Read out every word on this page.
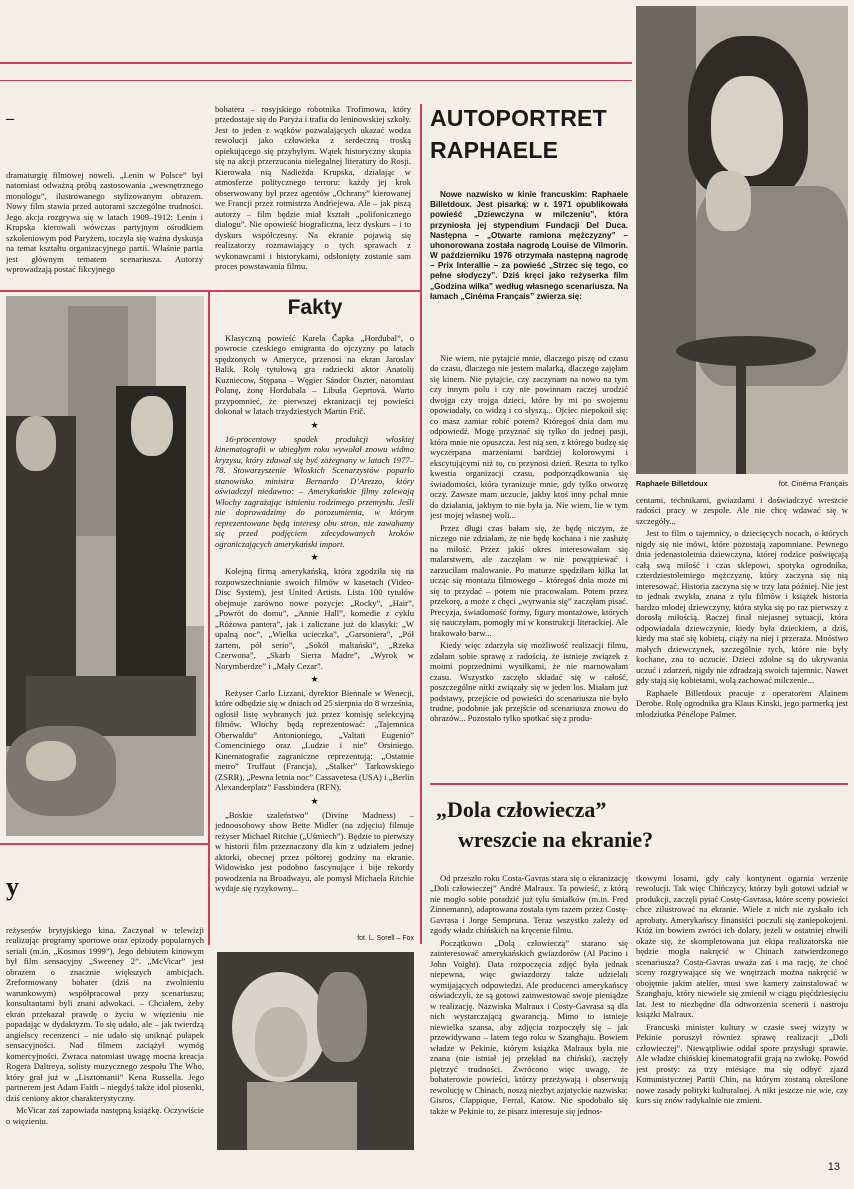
–

dramaturgię filmowej noweli. „Lenin w Polsce” był natomiast odważną próbą zastosowania „wewnętrznego monologu”, ilustrowanego stylizowanym obrazem. Nowy film stawia przed autorami szczególne trudności. Jego akcja rozgrywa się w latach 1909–1912: Lenin i Krupska kierowali wówczas partyjnym ośrodkiem szkoleniowym pod Paryżem, toczyła się ważna dyskusja na temat kształtu organizacyjnego partii. Właśnie partia jest głównym tematem scenariusza. Autorzy wprowadzają postać fikcyjnego

bohatera – rosyjskiego robotnika Trofimowa, który przedostaje się do Paryża i trafia do leninowskiej szkoły. Jest to jeden z wątków pozwalających ukazać wodza rewolucji jako człowieka z serdeczną troską opiekującego się przybyłym. Wątek historyczny skupia się na akcji przerzucania nielegalnej literatury do Rosji. Kierowała nią Nadieżda Krupska, działając w atmosferze politycznego terroru: każdy jej krok obserwowany był przez agentów „Ochrany” kierowanej we Francji przez rotmistrza Andriejewa. Ale – jak piszą autorzy – film będzie miał kształt „polifonicznego dialogu”. Nie opowieść biograficzna, lecz dyskurs – i to dyskurs współczesny. Na ekranie pojawią się realizatorzy rozmawiający o tych sprawach z wykonawcami i historykami, odsłonięty zostanie sam proces powstawania filmu.

Fakty

Klasyczną powieść Karela Čapka „Hordubal”, o powrocie czeskiego emigranta do ojczyzny po latach spędzonych w Ameryce, przenosi na ekran Jaroslav Balik. Rolę tytułową gra radziecki aktor Anatolij Kuzniecow, Stępana – Węgier Sándor Oszter, natomiast Polanę, żonę Hordubala – Libuša Geprtová. Warto przypomnieć, że pierwszej ekranizacji tej powieści dokonał w latach trzydziestych Martin Frič.

★

16-procentowy spadek produkcji włoskiej kinematografii w ubiegłym roku wywołał znowu widmo kryzysu, który zdawał się być zażegnany w latach 1977–78. Stowarzyszenie Włoskich Scenarzystów poparło stanowisko ministra Bernardo D’Arezzo, który oświadczył niedawno: – Amerykańskie filmy zalewają Włochy zagrażając istnieniu rodzimego przemysłu. Jeśli nie doprowadzimy do porozumienia, w którym reprezentowane będą interesy obu stron, nie zawahamy się przed podjęciem zdecydowanych kroków ograniczających amerykański import.

★

Kolejną firmą amerykańską, która zgodziła się na rozpowszechnianie swoich filmów w kasetach (Video-Disc System), jest United Artists. Lista 100 tytułów obejmuje zarówno nowe pozycje: „Rocky”, „Hair”, „Powrót do domu”, „Annie Hall”, komedie z cyklu „Różowa pantera”, jak i zaliczane już do klasyki: „W upalną noc”, „Wielka ucieczka”, „Garsoniera”, „Pół żartem, pół serio”, „Sokół maltański”, „Rzeka Czerwona”, „Skarb Sierra Madre”, „Wyrok w Norymberdze” i „Mały Cezar”.

★

Reżyser Carlo Lizzani, dyrektor Biennale w Wenecji, które odbędzie się w dniach od 25 sierpnia do 8 września, ogłosił listę wybranych już przez komisję selekcyjną filmów. Włochy będą reprezentować: „Tajemnica Oberwaldu” Antonioniego, „Valtati Eugenio” Comenciniego oraz „Ludzie i nie” Orsiniego. Kinematografie zagraniczne reprezentują: „Ostatnie metro” Truffaut (Francja), „Stalker” Tarkowskiego (ZSRR), „Pewna letnia noc” Cassavetesa (USA) i „Berlin Alexanderplatz” Fassbindera (RFN).

★

„Boskie szaleństwo” (Divine Madness) – jednoosobowy show Bette Midler (na zdjęciu) filmuje reżyser Michael Ritchie („Uśmiech”). Będzie to pierwszy w historii film przeznaczony dla kin z udziałem jednej aktorki, obecnej przez półtorej godziny na ekranie. Widowisko jest podobno fascynujące i bije rekordy powodzenia na Broadwayu, ale pomysł Michaela Ritchie wydaje się ryzykowny...

fot. L. Sorell – Fox
AUTOPORTRET
RAPHAELE

Nowe nazwisko w kinie francuskim: Raphaele Billetdoux. Jest pisarką: w r. 1971 opublikowała powieść „Dziewczyna w milczeniu”, która przyniosła jej stypendium Fundacji Del Duca. Następna – „Otwarte ramiona mężczyzny” – uhonorowana została nagrodą Louise de Vilmorin. W październiku 1976 otrzymała następną nagrodę – Prix Interallie – za powieść „Strzec się tego, co pełne słodyczy”. Dziś kręci jako reżyserka film „Godzina wilka” według własnego scenariusza. Na łamach „Cinéma Français” zwierza się:

Nie wiem, nie pytajcie mnie, dlaczego piszę od czasu do czasu, dlaczego nie jestem malarką, dlaczego zajęłam się kinem. Nie pytajcie, czy zaczynam na nowo na tym czy innym polu i czy nie powinnam raczej urodzić dwojga czy trojga dzieci, które by mi po swojemu opowiadały, co widzą i co słyszą... Ojciec niepokoił się: co masz zamiar robić potem? Któregoś dnia dam mu odpowiedź. Mogę przyznać się tylko do jednej pasji, która mnie nie opuszcza. Jest nią sen, z którego budzę się wyczerpana marzeniami bardziej kolorowymi i ekscytującymi niż to, co przynosi dzień. Reszta to tylko kwestia organizacji czasu, podporządkowania się świadomości, która tyranizuje mnie, gdy tylko otworzę oczy. Zawsze mam uczucie, jakby ktoś inny pchał mnie do działania, jakbym to nie była ja. Nie wiem, lie w tym jest mojej własnej woli...

Przez długi czas bałam się, że będę niczym, że niczego nie zdziałam, że nie będę kochana i nie zasłużę na miłość. Przez jakiś okres interesowałam się malarstwem, ale zaczęłam w nie powątpiewać i zarzuciłam malowanie. Po maturze spędziłam kilka lat ucząc się montażu filmowego – któregoś dnia może mi się to przydać – potem nie pracowałam. Potem przez przekorę, a może z chęci „wyrwania się” zaczęłam pisać. Precyzja, świadomość formy, figury montażowe, których się nauczyłam, pomogły mi w konstrukcji literackiej. Ale brakowało barw...

Kiedy więc zdarzyła się możliwość realizacji filmu, zdałam sobie sprawę z radością, że istnieje związek z moimi poprzednimi wysiłkami, że nie marnowałam czasu. Wszystko zaczęło składać się w całość, poszczególne nitki związały się w jeden los. Miałam już podstawy, przejście od powieści do scenariusza nie było trudne, podobnie jak przejście od scenariusza znowu do obrazów... Pozostało tylko spotkać się z produ-

Raphaele Billetdoux	fot. Cinéma Français

centami, technikami, gwiazdami i doświadczyć wreszcie radości pracy w zespole. Ale nie chcę wdawać się w szczegóły...

Jest to film o tajemnicy, o dziecięcych nocach, o których nigdy się nie mówi, które pozostają zapomniane. Pewnego dnia jedenastoletnia dziewczyna, której rodzice poświęcają całą swą miłość i czas sklepowi, spotyka ogrodnika, czterdziestoletniego mężczyznę, który zaczyna się nią interesować. Historia zaczyna się w trzy lata później. Nie jest to jednak zwykła, znana z tylu filmów i książek historia bardzo młodej dziewczyny, która styka się po raz pierwszy z dorosłą miłością. Raczej finał niejasnej sytuacji, która odpowiadała dziewczynie, kiedy była dzieckiem, a dziś, kiedy ma stać się kobietą, ciąży na niej i przeraża. Mnóstwo małych dziewczynek, szczególnie tych, które nie były kochane, zna to uczucie. Dzieci zdolne są do ukrywania uczuć i zdarzeń, nigdy nie zdradzają swoich tajemnic. Nawet gdy stają się kobietami, wolą zachować milczenie...

Raphaele Billetdoux pracuje z operatorem Alainem Derobe. Rolę ogrodnika gra Klaus Kinski, jego partnerką jest młodziutka Pénélope Palmer.

„Dola człowiecza”
wreszcie na ekranie?

Od przeszło roku Costa-Gavras stara się o ekranizację „Doli człowieczej” André Malraux. Ta powieść, z którą nie mogło sobie poradzić już tylu śmiałków (m.in. Fred Zinnemann), adaptowana została tym razem przez Costę-Gavrasa i Jorge Sempruna. Teraz wszystko zależy od zgody władz chińskich na kręcenie filmu.

Początkowo „Dolą człowieczą” starano się zainteresować amerykańskich gwiazdorów (Al Pacino i John Voight). Data rozpoczęcia zdjęć była jednak niepewna, więc gwiazdorzy także udzielali wymijających odpowiedzi. Ale producenci amerykańscy oświadczyli, że są gotowi zainwestować swoje pieniądze w realizację. Nazwiska Malraux i Costy-Gavrasa są dla nich wystarczającą gwarancją. Mimo to istnieje niewielka szansa, aby zdjęcia rozpoczęły się – jak przewidywano – latem tego roku w Szanghaju. Bowiem władze w Pekinie, którym książka Malraux była nie znana (nie istniał jej przekład na chiński), zaczęły piętrzyć trudności. Zwrócono więc uwagę, że bohaterowie powieści, którzy przeżywają i obserwują rewolucję w Chinach, noszą niezbyt azjatyckie nazwiska: Gisros, Clappique, Ferral, Katow. Nie spodobało się także w Pekinie to, że pisarz interesuje się jednos-

tkowymi losami, gdy cały kontynent ogarnia wrzenie rewolucji. Tak więc Chińczycy, którzy byli gotowi udział w produkcji, zaczęli pytać Costę-Gavrasa, które sceny powieści chce zilustrować na ekranie. Wiele z nich nie zyskało ich aprobaty. Amerykańscy finansiści poczuli się zaniepokojeni. Któż im bowiem zwróci ich dolary, jeżeli w ostatniej chwili okaże się, że skompletowana już ekipa realizatorska nie będzie mogła nakręcić w Chinach zatwierdzonego scenariusza? Costa-Gavras uważa zaś i ma rację, że choć sceny rozgrywające się we wnętrzach można nakręcić w obojętnie jakim atelier, musi swe kamery zainstalować w Szanghaju, który niewiele się zmienił w ciągu pięćdziesięciu lat. Jest to niezbędne dla odtworzenia scenerii i nastroju książki Malraux.

Francuski minister kultury w czasie swej wizyty w Pekinie poruszył również sprawę realizacji „Doli człowieczej”. Niewątpliwie oddał spore przysługi sprawie. Ale władze chińskiej kinematografii grają na zwłokę. Powód jest prosty: za trzy miesiące ma się odbyć zjazd Komunistycznej Partii Chin, na którym zostaną określone nowe zasady polityki kulturalnej. A nikt jeszcze nie wie, czy kurs się znów radykalnie nie zmieni.

y

reżyserów brytyjskiego kina. Zaczynał w telewizji realizując programy sportowe oraz epizody popularnych seriali (m.in. „Kosmos 1999”). Jego debiutem kinowym był film sensacyjny „Sweeney 2”. „McVicar” jest obrazem o znacznie większych ambicjach. Zreformowany bohater (dziś na zwolnieniu warunkowym) współpracował przy scenariuszu; konsultantami byli znani adwokaci. – Chciałem, żeby ekran przekazał prawdę o życiu w więzieniu nie popadając w dydaktyzm. To się udało, ale – jak twierdzą angielscy recenzenci – nie udało się uniknąć pułapek sensacyjności. Nad filmem zaciążył wymóg komercyjności. Zwraca natomiast uwagę mocna kreacja Rogera Daltreya, solisty muzycznego zespołu The Who, który grał już w „Lisztomanii” Kena Russella. Jego partnerem jest Adam Faith – niegdyś także idol piosenki, dziś ceniony aktor charakterystyczny.

McVicar zaś zapowiada następną książkę. Oczywiście o więzieniu.

13
